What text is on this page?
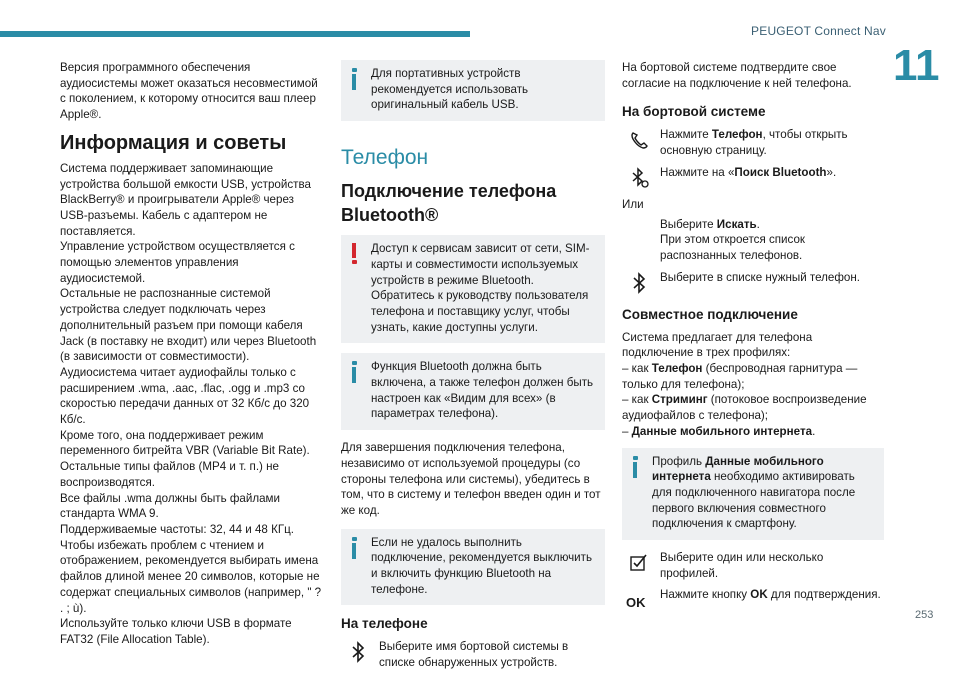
PEUGEOT Connect Nav
11
253

Версия программного обеспечения аудиосистемы может оказаться несовместимой с поколением, к которому относится ваш плеер Apple®.

Информация и советы

Система поддерживает запоминающие устройства большой емкости USB, устройства BlackBerry® и проигрыватели Apple® через USB-разъемы. Кабель с адаптером не поставляется.

Управление устройством осуществляется с помощью элементов управления аудиосистемой.

Остальные не распознанные системой устройства следует подключать через дополнительный разъем при помощи кабеля Jack (в поставку не входит) или через Bluetooth (в зависимости от совместимости).

Аудиосистема читает аудиофайлы только с расширением .wma, .aac, .flac, .ogg и .mp3 со скоростью передачи данных от 32 Кб/с до 320 Кб/с.

Кроме того, она поддерживает режим переменного битрейта VBR (Variable Bit Rate).

Остальные типы файлов (MP4 и т. п.) не воспроизводятся.

Все файлы .wma должны быть файлами стандарта WMA 9.

Поддерживаемые частоты: 32, 44 и 48 КГц.

Чтобы избежать проблем с чтением и отображением, рекомендуется выбирать имена файлов длиной менее 20 символов, которые не содержат специальных символов (например, " ? . ; ù).

Используйте только ключи USB в формате FAT32 (File Allocation Table).

Для портативных устройств рекомендуется использовать оригинальный кабель USB.

Телефон
Подключение телефона Bluetooth®

Доступ к сервисам зависит от сети, SIM-карты и совместимости используемых устройств в режиме Bluetooth. Обратитесь к руководству пользователя телефона и поставщику услуг, чтобы узнать, какие доступны услуги.

Функция Bluetooth должна быть включена, а также телефон должен быть настроен как «Видим для всех» (в параметрах телефона).

Для завершения подключения телефона, независимо от используемой процедуры (со стороны телефона или системы), убедитесь в том, что в систему и телефон введен один и тот же код.

Если не удалось выполнить подключение, рекомендуется выключить и включить функцию Bluetooth на телефоне.

На телефоне

Выберите имя бортовой системы в списке обнаруженных устройств.

На бортовой системе подтвердите свое согласие на подключение к ней телефона.

На бортовой системе

Нажмите Телефон, чтобы открыть основную страницу.

Нажмите на «Поиск Bluetooth».

Или

Выберите Искать.

При этом откроется список распознанных телефонов.

Выберите в списке нужный телефон.

Совместное подключение

Система предлагает для телефона подключение в трех профилях:

– как Телефон (беспроводная гарнитура — только для телефона);

– как Стриминг (потоковое воспроизведение аудиофайлов с телефона);

– Данные мобильного интернета.

Профиль Данные мобильного интернета необходимо активировать для подключенного навигатора после первого включения совместного подключения к смартфону.

Выберите один или несколько профилей.

OK

Нажмите кнопку OK для подтверждения.
